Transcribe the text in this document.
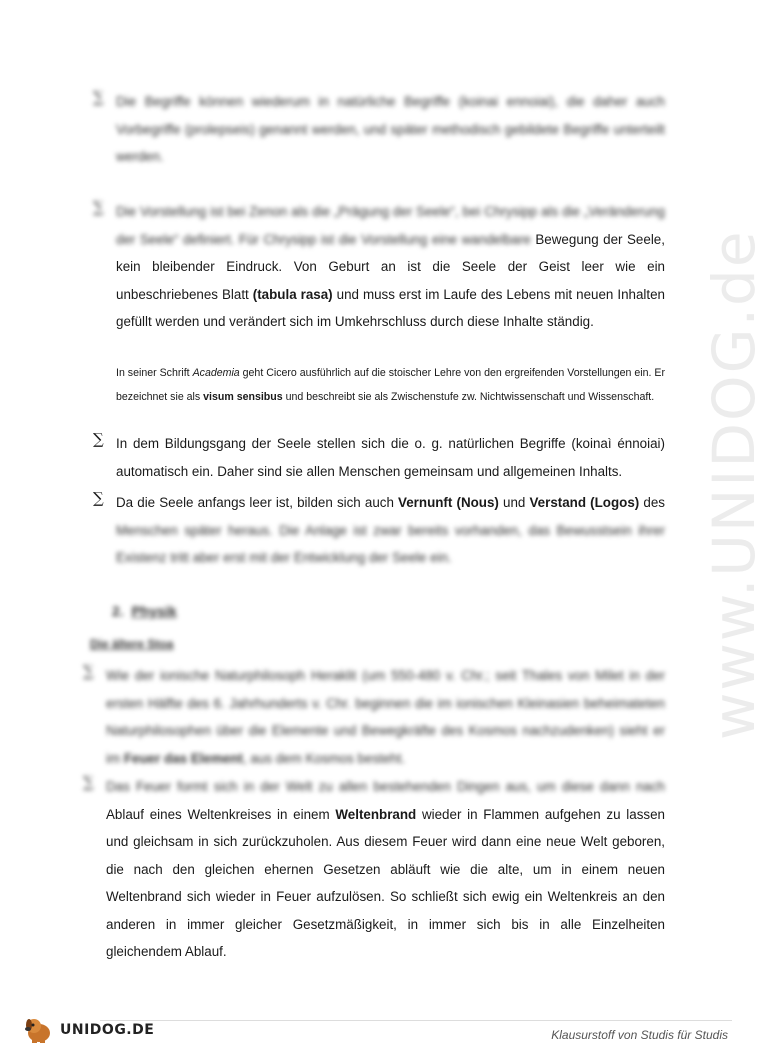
www.UNIDOG.de
∑ Die Begriffe können wiederum in natürliche Begriffe (koinai ennoiai), die daher auch Vorbegriffe (prolepseis) genannt werden, und später methodisch gebildete Begriffe unterteilt werden.
∑ Die Vorstellung ist bei Zenon als die „Prägung der Seele“, bei Chrysipp als die „Veränderung der Seele“ definiert. Für Chrysipp ist die Vorstellung eine wandelbare Bewegung der Seele, kein bleibender Eindruck. Von Geburt an ist die Seele der Geist leer wie ein unbeschriebenes Blatt (tabula rasa) und muss erst im Laufe des Lebens mit neuen Inhalten gefüllt werden und verändert sich im Umkehrschluss durch diese Inhalte ständig.
In seiner Schrift Academia geht Cicero ausführlich auf die stoischer Lehre von den ergreifenden Vorstellungen ein. Er bezeichnet sie als visum sensibus und beschreibt sie als Zwischenstufe zw. Nichtwissenschaft und Wissenschaft.
∑ In dem Bildungsgang der Seele stellen sich die o. g. natürlichen Begriffe (koinaì énnoiai) automatisch ein. Daher sind sie allen Menschen gemeinsam und allgemeinen Inhalts.
∑ Da die Seele anfangs leer ist, bilden sich auch Vernunft (Nous) und Verstand (Logos) des Menschen später heraus. Die Anlage ist zwar bereits vorhanden, das Bewusstsein ihrer Existenz tritt aber erst mit der Entwicklung der Seele ein.
2. Physik
Die ältere Stoa
∑ Wie der ionische Naturphilosoph Heraklit (um 550-480 v. Chr.; seit Thales von Milet in der ersten Hälfte des 6. Jahrhunderts v. Chr. beginnen die im ionischen Kleinasien beheimateten Naturphilosophen über die Elemente und Bewegkräfte des Kosmos nachzudenken) sieht er im Feuer das Element, aus dem Kosmos besteht.
∑ Das Feuer formt sich in der Welt zu allen bestehenden Dingen aus, um diese dann nach Ablauf eines Weltenkreises in einem Weltenbrand wieder in Flammen aufgehen zu lassen und gleichsam in sich zurückzuholen. Aus diesem Feuer wird dann eine neue Welt geboren, die nach den gleichen ehernen Gesetzen abläuft wie die alte, um in einem neuen Weltenbrand sich wieder in Feuer aufzulösen. So schließt sich ewig ein Weltenkreis an den anderen in immer gleicher Gesetzmäßigkeit, in immer sich bis in alle Einzelheiten gleichendem Ablauf.
UNIDOG.DE	Klausurstoff von Studis für Studis
